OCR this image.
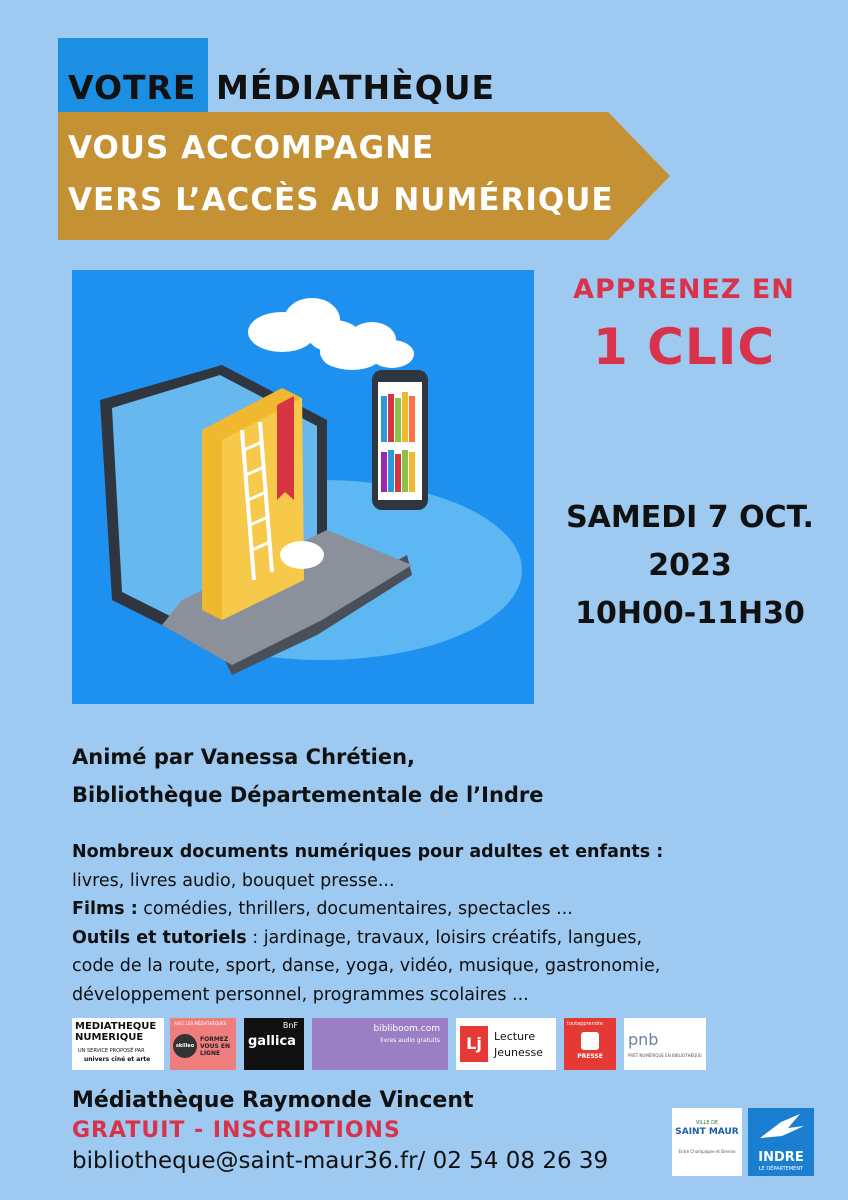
VOTRE MÉDIATHÈQUE
VOUS ACCOMPAGNE
VERS L’ACCÈS AU NUMÉRIQUE
APPRENEZ EN
1 CLIC
SAMEDI 7 OCT.
2023
10H00-11H30
Animé par Vanessa Chrétien,
Bibliothèque Départementale de l’Indre
Nombreux documents numériques pour adultes et enfants :
livres, livres audio, bouquet presse...
Films : comédies, thrillers, documentaires, spectacles ...
Outils et tutoriels : jardinage, travaux, loisirs créatifs, langues,
code de la route, sport, danse, yoga, vidéo, musique, gastronomie,
développement personnel, programmes scolaires ...
MEDIATHEQUE
NUMERIQUE
UN SERVICE PROPOSÉ PAR
univers ciné et arte
AVEC LES MÉDIATHÈQUES
skilleo
FORMEZ VOUS EN LIGNE
BnF
gallica
bibliboom.com
livres audio gratuits	Lj	Lecture
Jeunesse
toutapprendre
PRESSE
pnb
PRÊT NUMÉRIQUE EN BIBLIOTHÈQUE
Médiathèque Raymonde Vincent
GRATUIT - INSCRIPTIONS
bibliotheque@saint-maur36.fr/ 02 54 08 26 39
VILLE DE
SAINT MAUR
Entre Champagne et Brenne	INDRE
LE DÉPARTEMENT
